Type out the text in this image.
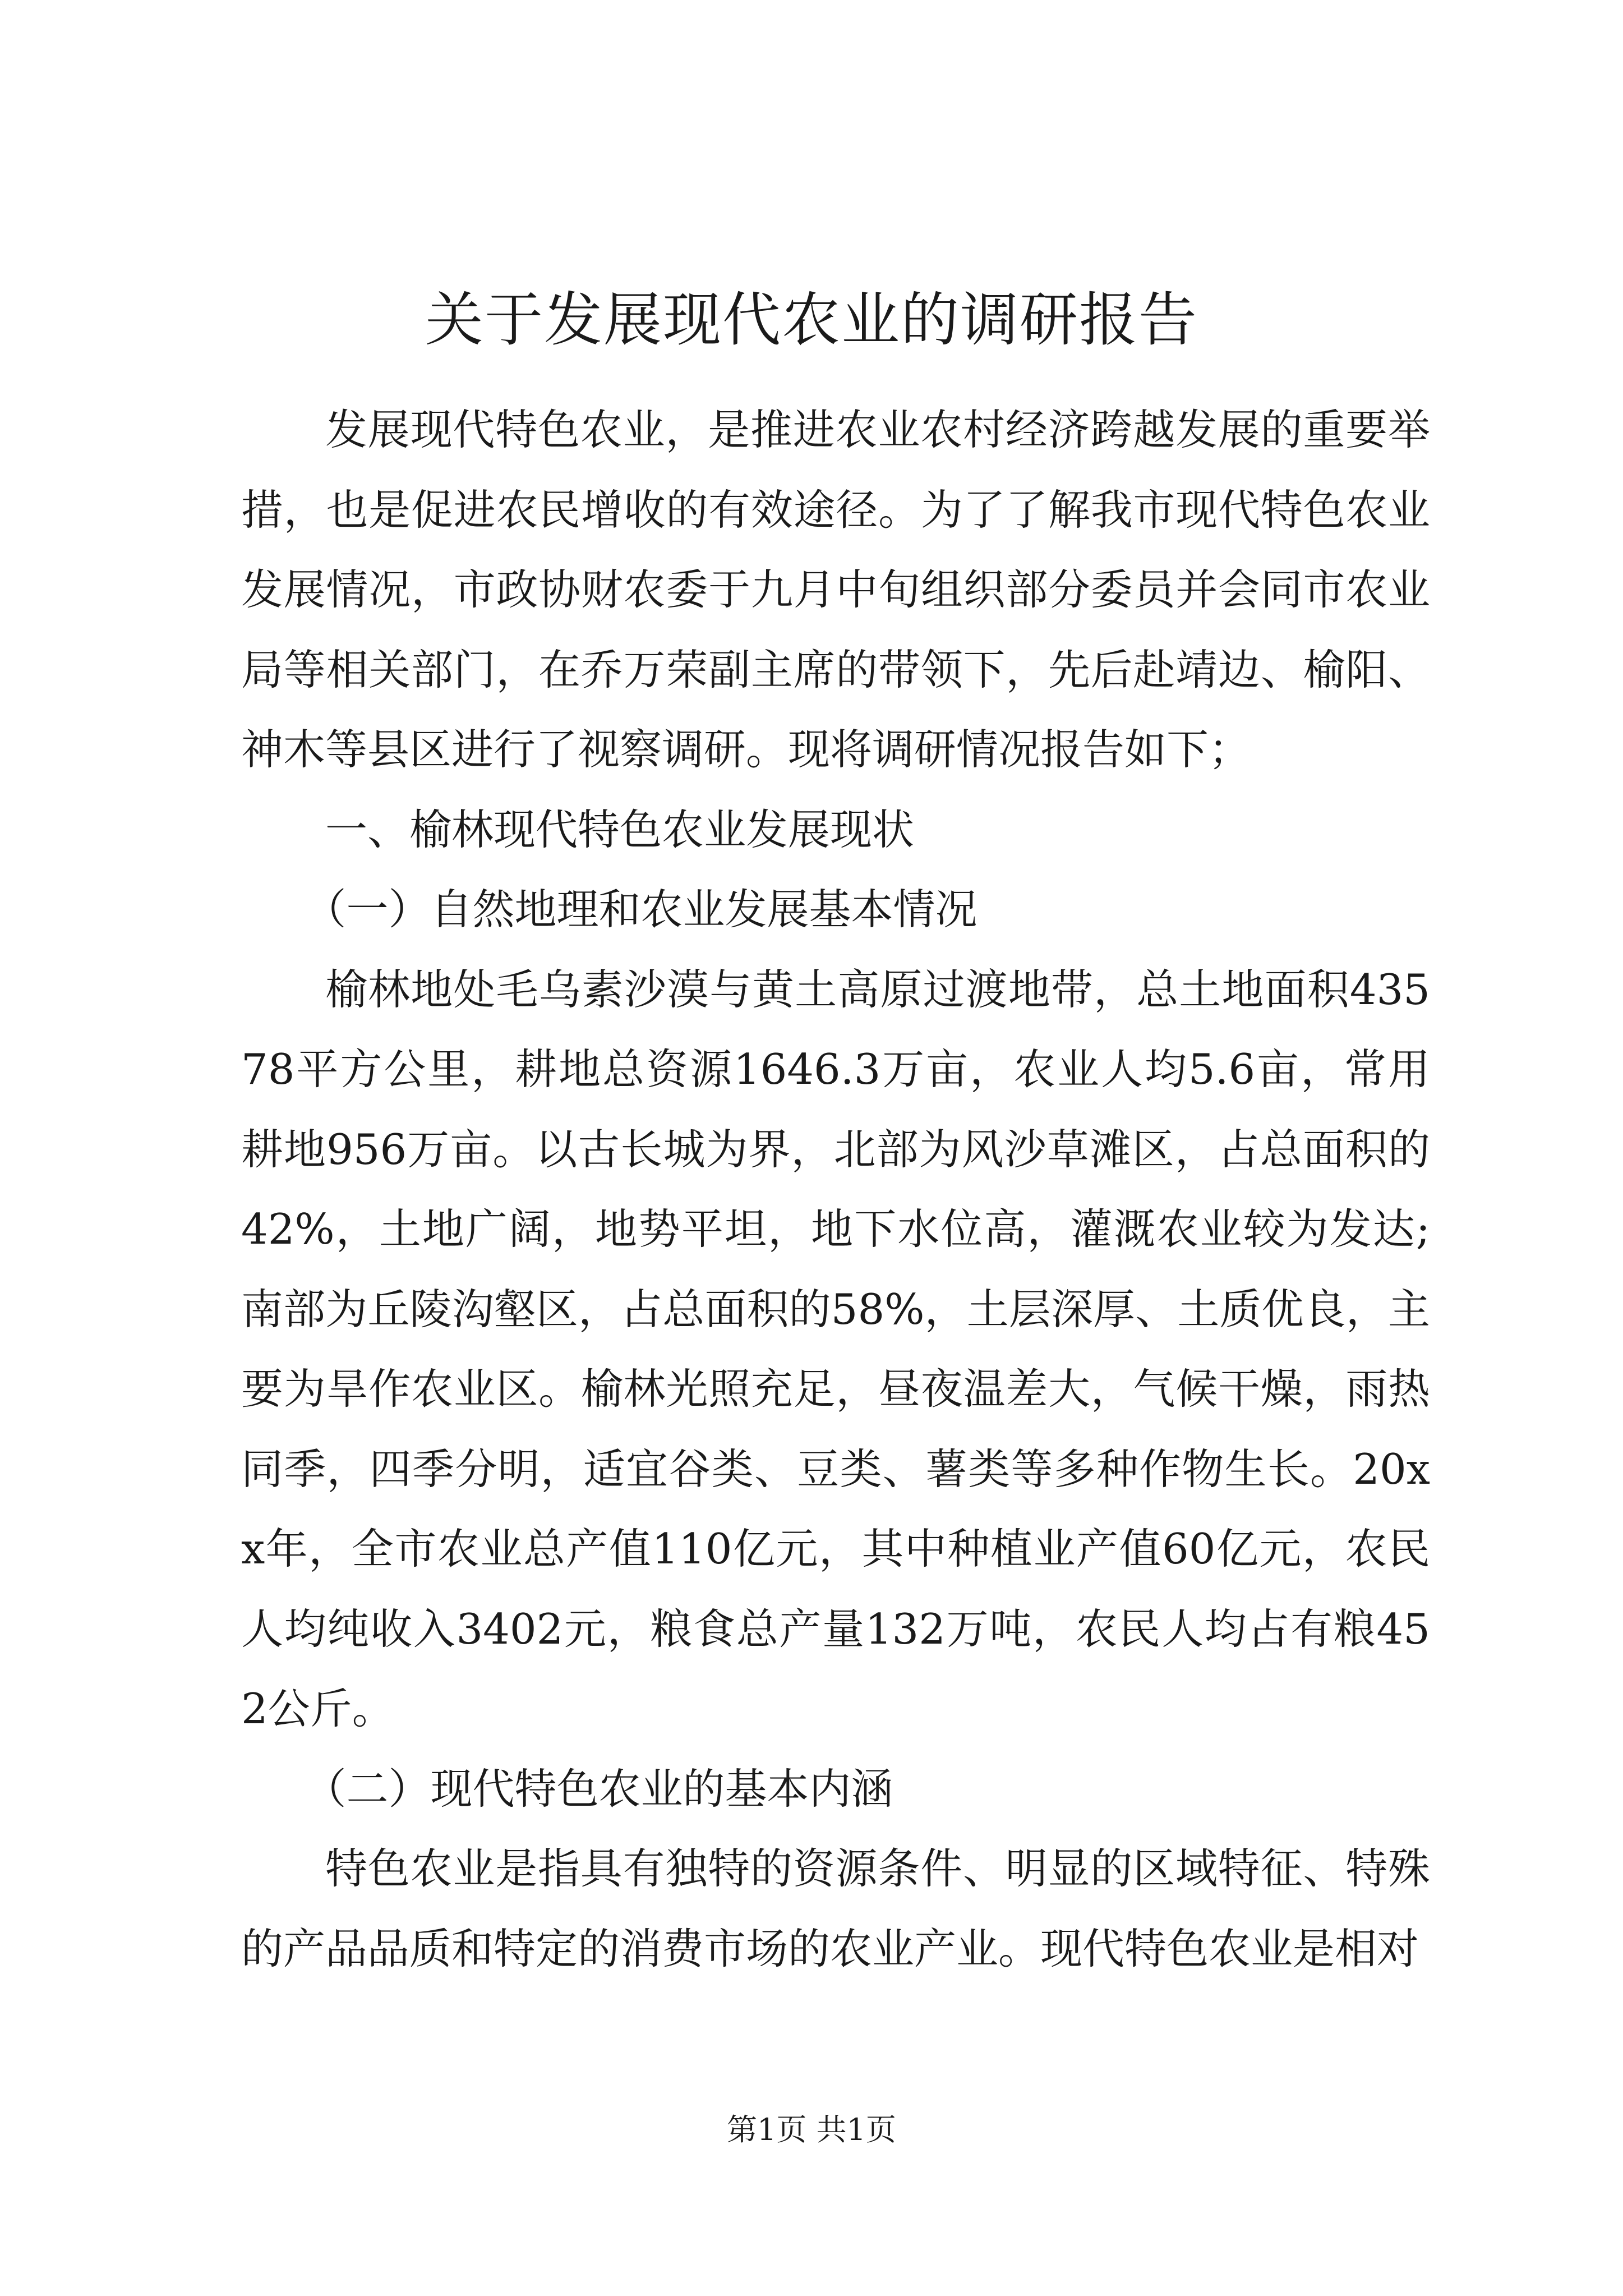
关于发展现代农业的调研报告

发展现代特色农业，是推进农业农村经济跨越发展的重要举措，也是促进农民增收的有效途径。为了了解我市现代特色农业发展情况，市政协财农委于九月中旬组织部分委员并会同市农业局等相关部门，在乔万荣副主席的带领下，先后赴靖边、榆阳、神木等县区进行了视察调研。现将调研情况报告如下；

一、榆林现代特色农业发展现状

（一）自然地理和农业发展基本情况

榆林地处毛乌素沙漠与黄土高原过渡地带，总土地面积43578平方公里，耕地总资源1646.3万亩，农业人均5.6亩，常用耕地956万亩。以古长城为界，北部为风沙草滩区，占总面积的42%，土地广阔，地势平坦，地下水位高，灌溉农业较为发达;南部为丘陵沟壑区，占总面积的58%，土层深厚、土质优良，主要为旱作农业区。榆林光照充足，昼夜温差大，气候干燥，雨热同季，四季分明，适宜谷类、豆类、薯类等多种作物生长。20xx年，全市农业总产值110亿元，其中种植业产值60亿元，农民人均纯收入3402元，粮食总产量132万吨，农民人均占有粮452公斤。

（二）现代特色农业的基本内涵

特色农业是指具有独特的资源条件、明显的区域特征、特殊的产品品质和特定的消费市场的农业产业。现代特色农业是相对

第1页 共1页
